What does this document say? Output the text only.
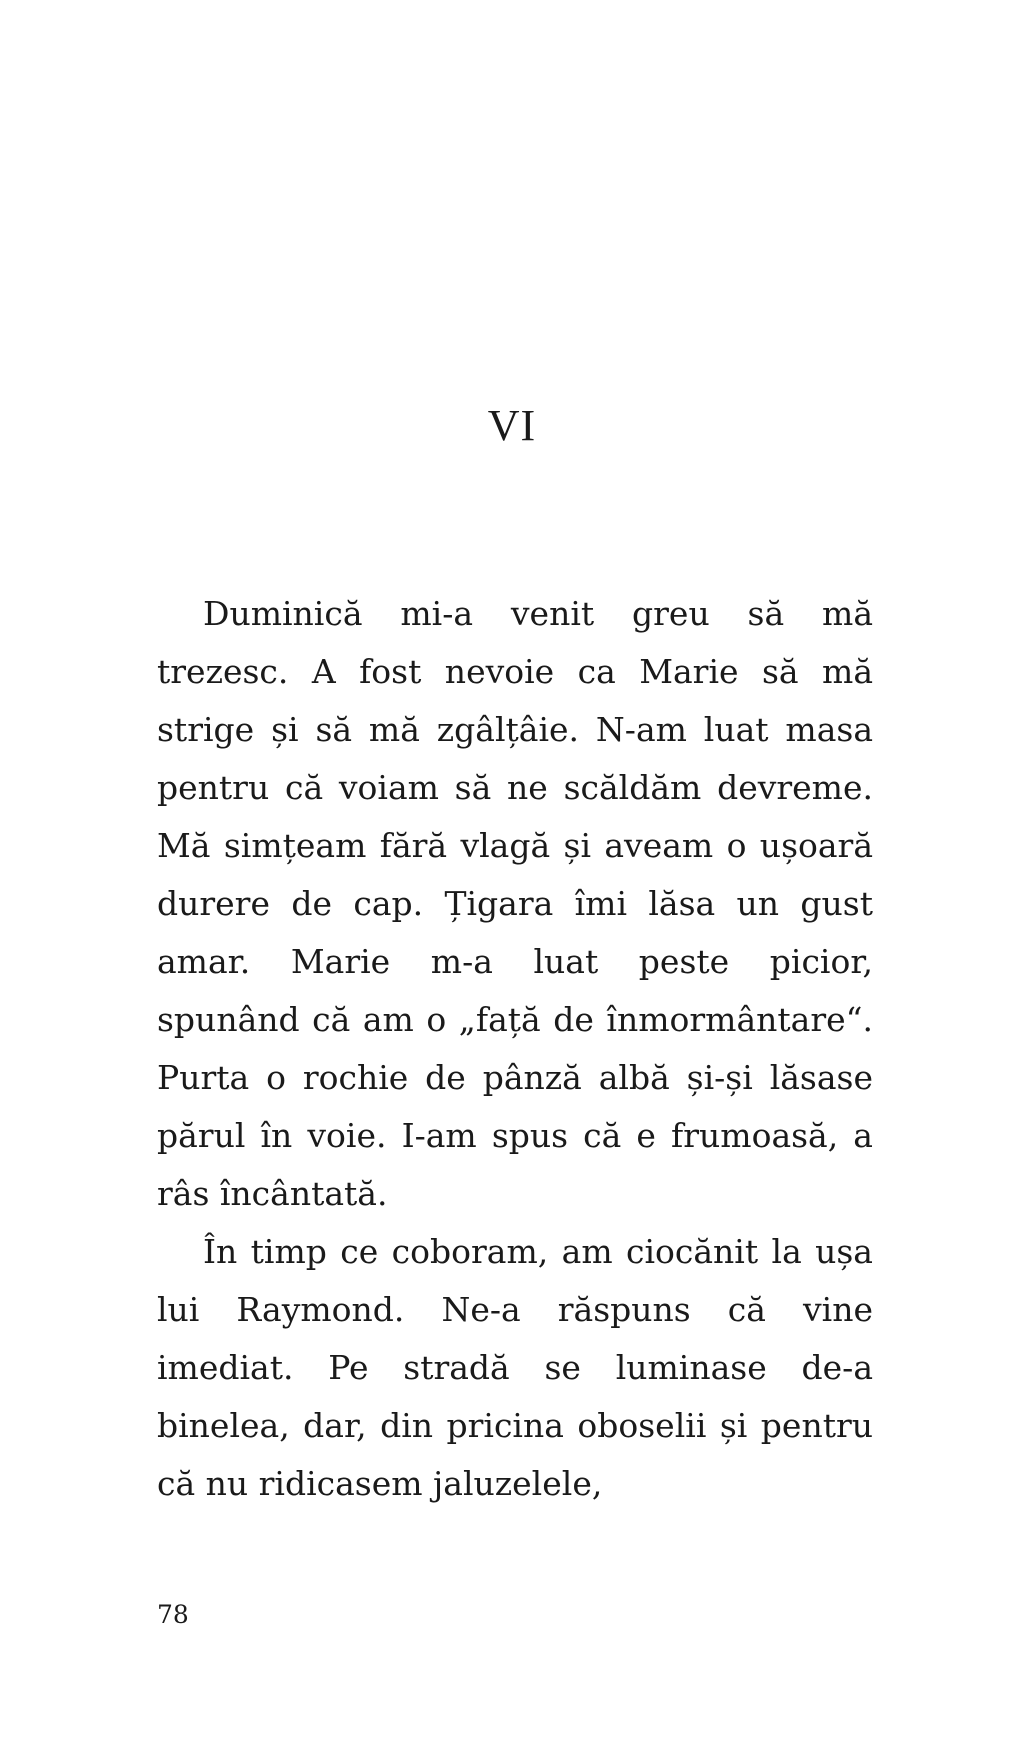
VI

Duminică mi-a venit greu să mă trezesc. A fost nevoie ca Marie să mă strige și să mă zgâlțâie. N-am luat masa pentru că voiam să ne scăldăm devreme. Mă simțeam fără vlagă și aveam o ușoară durere de cap. Țigara îmi lăsa un gust amar. Marie m-a luat peste picior, spunând că am o „față de înmormântare“. Purta o rochie de pânză albă și-și lăsase părul în voie. I-am spus că e frumoasă, a râs încântată.

În timp ce coboram, am ciocănit la ușa lui Raymond. Ne-a răspuns că vine imediat. Pe stradă se luminase de-a binelea, dar, din pricina oboselii și pentru că nu ridicasem jaluzelele,

78
